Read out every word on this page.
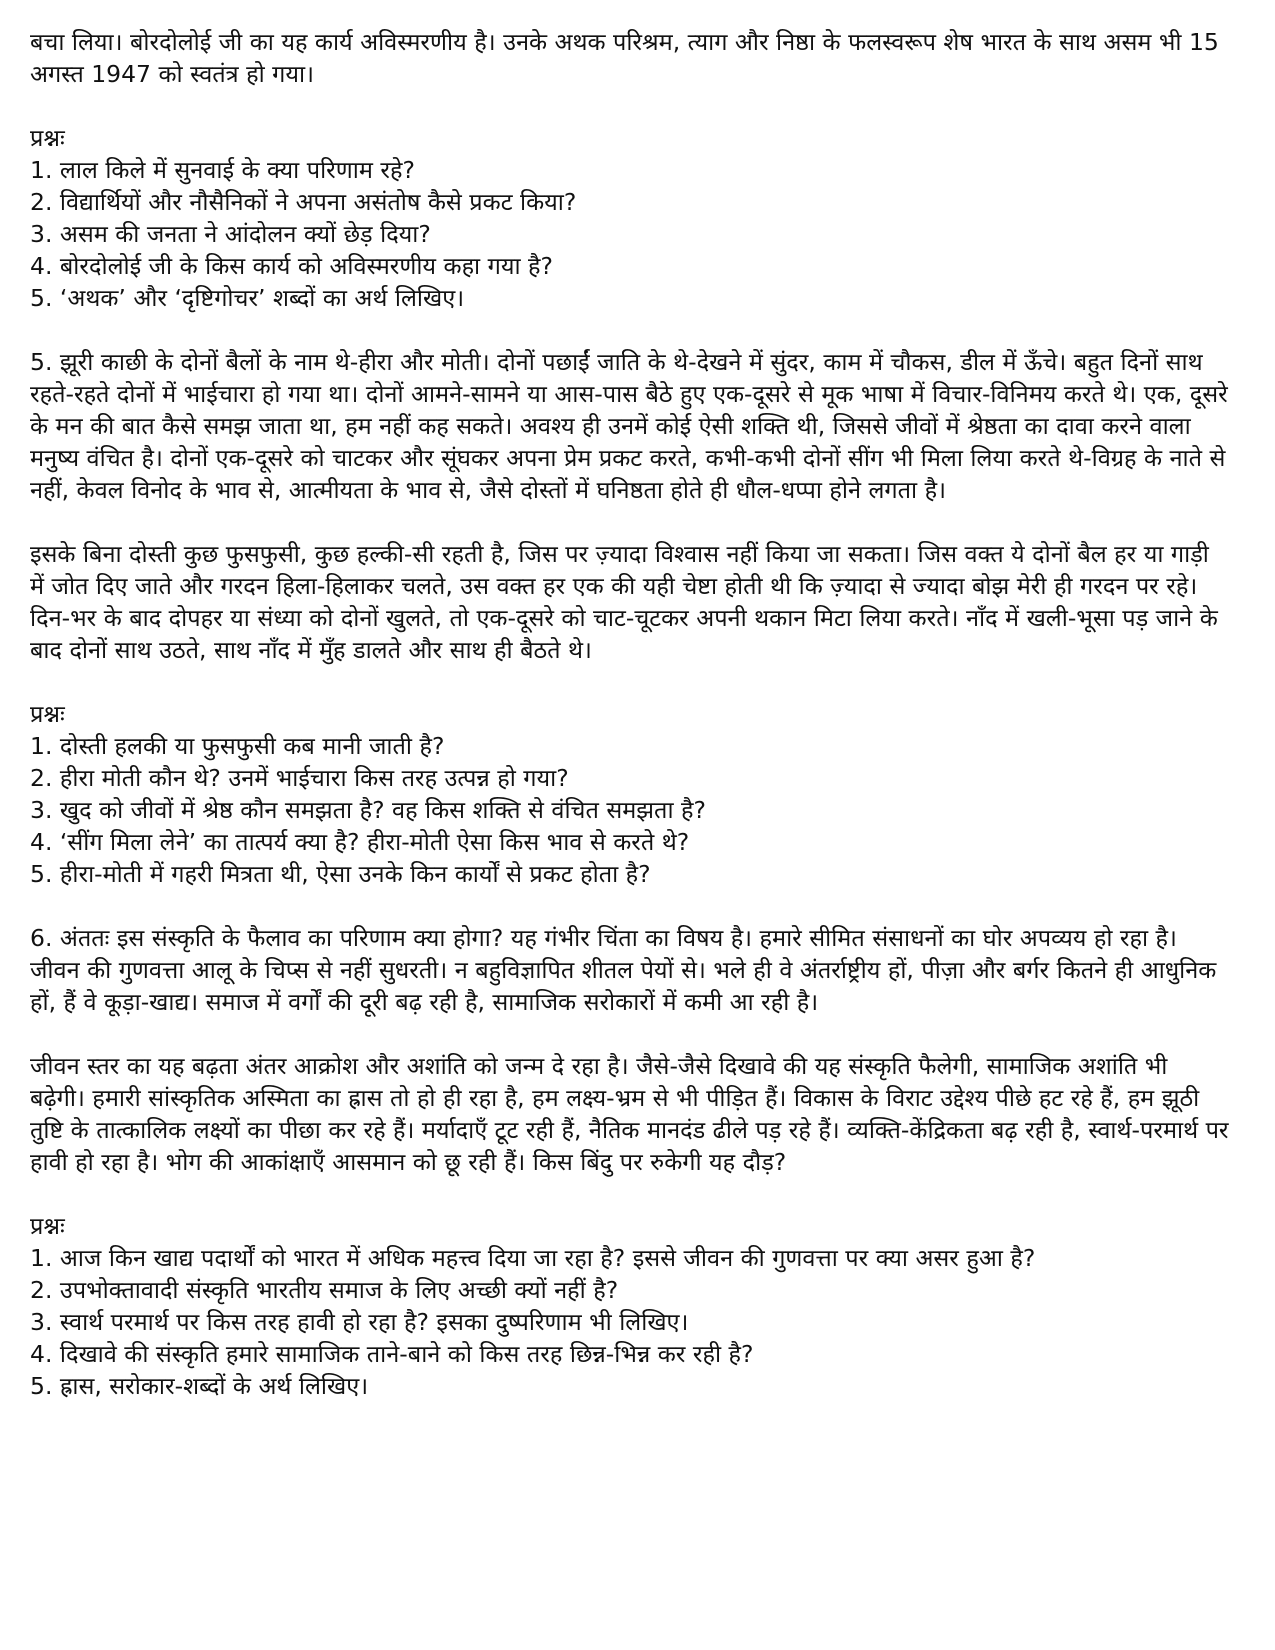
बचा लिया। बोरदोलोई जी का यह कार्य अविस्मरणीय है। उनके अथक परिश्रम, त्याग और निष्ठा के फलस्वरूप शेष भारत के साथ असम भी 15 अगस्त 1947 को स्वतंत्र हो गया।

प्रश्नः

1. लाल किले में सुनवाई के क्या परिणाम रहे?
2. विद्यार्थियों और नौसैनिकों ने अपना असंतोष कैसे प्रकट किया?
3. असम की जनता ने आंदोलन क्यों छेड़ दिया?
4. बोरदोलोई जी के किस कार्य को अविस्मरणीय कहा गया है?
5. ‘अथक’ और ‘दृष्टिगोचर’ शब्दों का अर्थ लिखिए।

5. झूरी काछी के दोनों बैलों के नाम थे-हीरा और मोती। दोनों पछाईं जाति के थे-देखने में सुंदर, काम में चौकस, डील में ऊँचे। बहुत दिनों साथ रहते-रहते दोनों में भाईचारा हो गया था। दोनों आमने-सामने या आस-पास बैठे हुए एक-दूसरे से मूक भाषा में विचार-विनिमय करते थे। एक, दूसरे के मन की बात कैसे समझ जाता था, हम नहीं कह सकते। अवश्य ही उनमें कोई ऐसी शक्ति थी, जिससे जीवों में श्रेष्ठता का दावा करने वाला मनुष्य वंचित है। दोनों एक-दूसरे को चाटकर और सूंघकर अपना प्रेम प्रकट करते, कभी-कभी दोनों सींग भी मिला लिया करते थे-विग्रह के नाते से नहीं, केवल विनोद के भाव से, आत्मीयता के भाव से, जैसे दोस्तों में घनिष्ठता होते ही धौल-धप्पा होने लगता है।

इसके बिना दोस्ती कुछ फुसफुसी, कुछ हल्की-सी रहती है, जिस पर ज़्यादा विश्वास नहीं किया जा सकता। जिस वक्त ये दोनों बैल हर या गाड़ी में जोत दिए जाते और गरदन हिला-हिलाकर चलते, उस वक्त हर एक की यही चेष्टा होती थी कि ज़्यादा से ज्यादा बोझ मेरी ही गरदन पर रहे। दिन-भर के बाद दोपहर या संध्या को दोनों खुलते, तो एक-दूसरे को चाट-चूटकर अपनी थकान मिटा लिया करते। नाँद में खली-भूसा पड़ जाने के बाद दोनों साथ उठते, साथ नाँद में मुँह डालते और साथ ही बैठते थे।

प्रश्नः

1. दोस्ती हलकी या फुसफुसी कब मानी जाती है?
2. हीरा मोती कौन थे? उनमें भाईचारा किस तरह उत्पन्न हो गया?
3. खुद को जीवों में श्रेष्ठ कौन समझता है? वह किस शक्ति से वंचित समझता है?
4. ‘सींग मिला लेने’ का तात्पर्य क्या है? हीरा-मोती ऐसा किस भाव से करते थे?
5. हीरा-मोती में गहरी मित्रता थी, ऐसा उनके किन कार्यों से प्रकट होता है?

6. अंततः इस संस्कृति के फैलाव का परिणाम क्या होगा? यह गंभीर चिंता का विषय है। हमारे सीमित संसाधनों का घोर अपव्यय हो रहा है। जीवन की गुणवत्ता आलू के चिप्स से नहीं सुधरती। न बहुविज्ञापित शीतल पेयों से। भले ही वे अंतर्राष्ट्रीय हों, पीज़ा और बर्गर कितने ही आधुनिक हों, हैं वे कूड़ा-खाद्य। समाज में वर्गों की दूरी बढ़ रही है, सामाजिक सरोकारों में कमी आ रही है।

जीवन स्तर का यह बढ़ता अंतर आक्रोश और अशांति को जन्म दे रहा है। जैसे-जैसे दिखावे की यह संस्कृति फैलेगी, सामाजिक अशांति भी बढ़ेगी। हमारी सांस्कृतिक अस्मिता का ह्रास तो हो ही रहा है, हम लक्ष्य-भ्रम से भी पीड़ित हैं। विकास के विराट उद्देश्य पीछे हट रहे हैं, हम झूठी तुष्टि के तात्कालिक लक्ष्यों का पीछा कर रहे हैं। मर्यादाएँ टूट रही हैं, नैतिक मानदंड ढीले पड़ रहे हैं। व्यक्ति-केंद्रिकता बढ़ रही है, स्वार्थ-परमार्थ पर हावी हो रहा है। भोग की आकांक्षाएँ आसमान को छू रही हैं। किस बिंदु पर रुकेगी यह दौड़?

प्रश्नः

1. आज किन खाद्य पदार्थों को भारत में अधिक महत्त्व दिया जा रहा है? इससे जीवन की गुणवत्ता पर क्या असर हुआ है?
2. उपभोक्तावादी संस्कृति भारतीय समाज के लिए अच्छी क्यों नहीं है?
3. स्वार्थ परमार्थ पर किस तरह हावी हो रहा है? इसका दुष्परिणाम भी लिखिए।
4. दिखावे की संस्कृति हमारे सामाजिक ताने-बाने को किस तरह छिन्न-भिन्न कर रही है?
5. ह्रास, सरोकार-शब्दों के अर्थ लिखिए।
